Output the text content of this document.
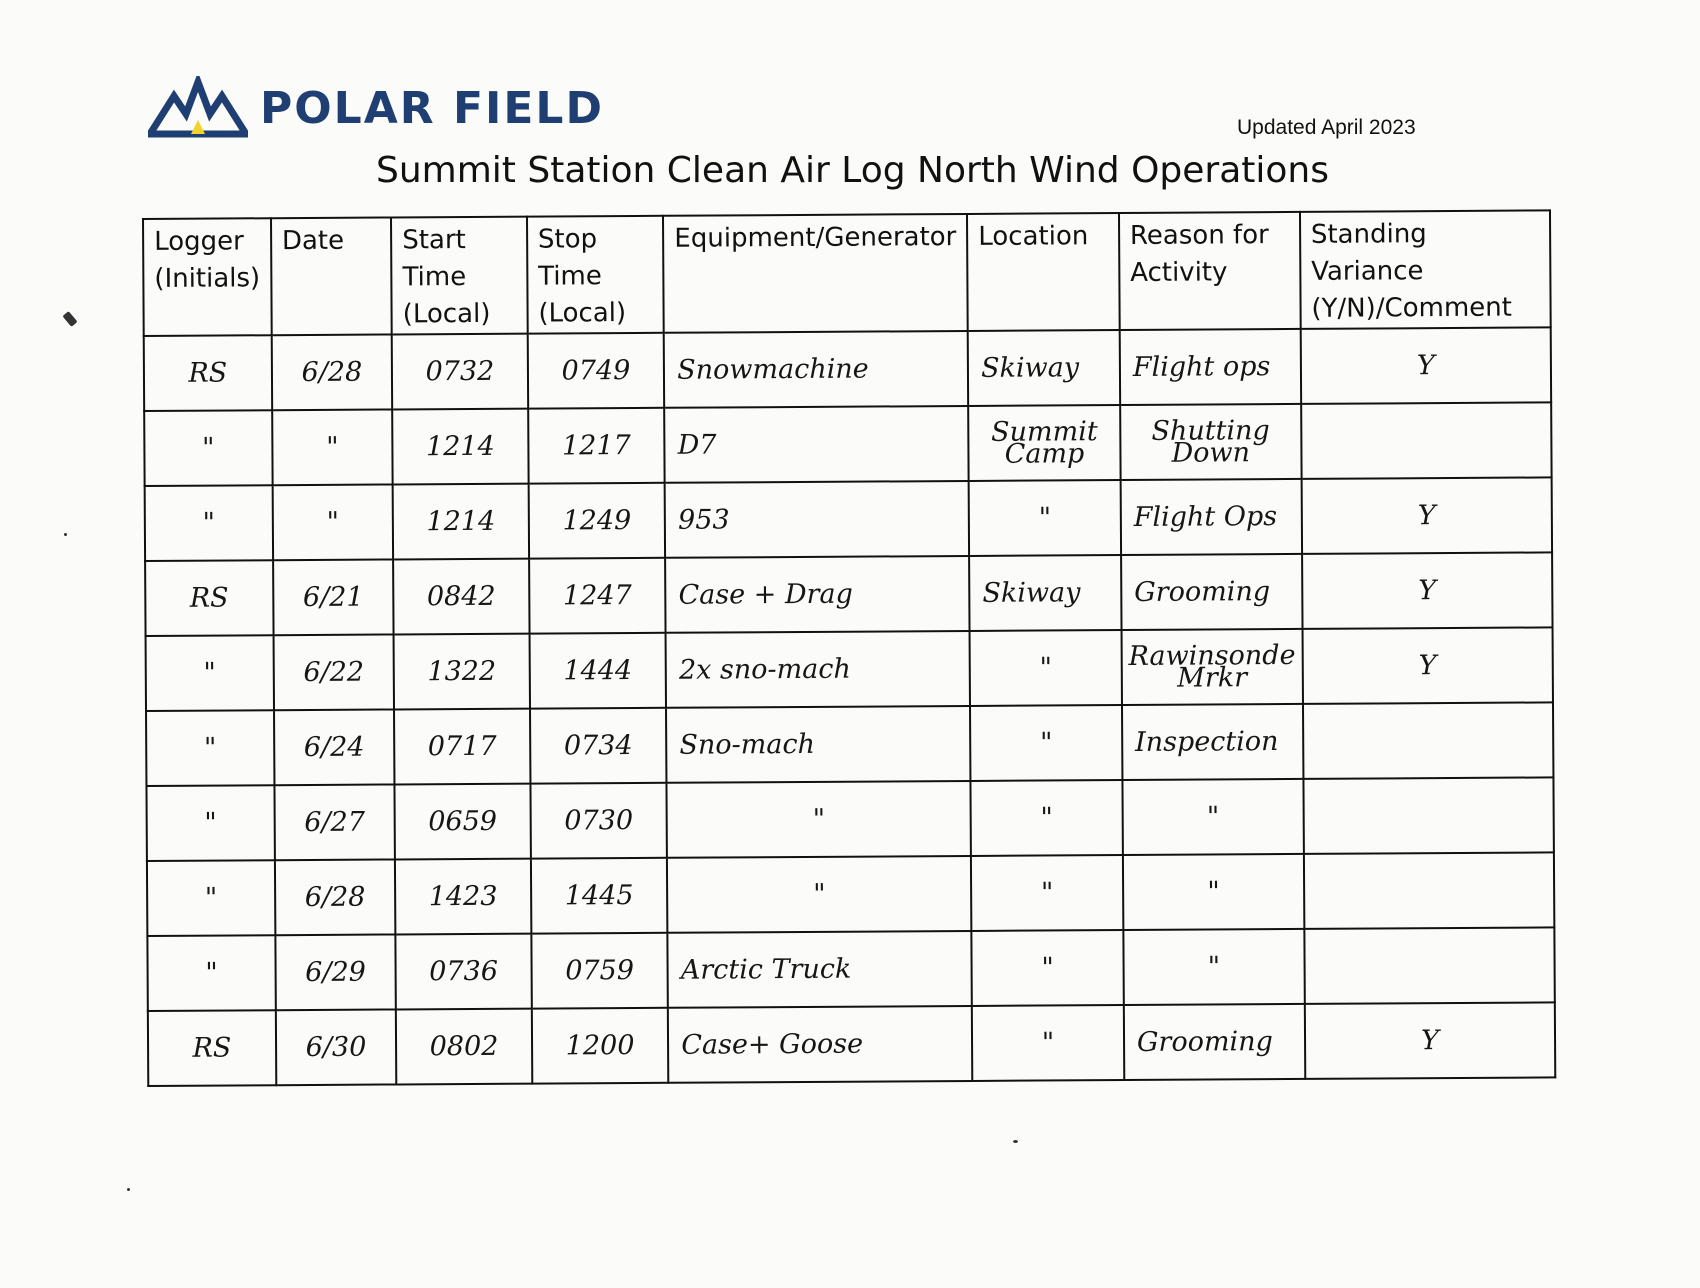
POLAR FIELD	Updated April 2023
Summit Station Clean Air Log North Wind Operations
Logger (Initials)	Date	Start Time (Local)	Stop Time (Local)	Equipment/Generator	Location	Reason for Activity	Standing Variance (Y/N)/Comment
RS	6/28	0732	0749	Snowmachine	Skiway	Flight ops	Y
"	"	1214	1217	D7	Summit Camp	Shutting Down	
"	"	1214	1249	953	"	Flight Ops	Y
RS	6/21	0842	1247	Case + Drag	Skiway	Grooming	Y
"	6/22	1322	1444	2x sno-mach	"	Rawinsonde Mrkr	Y
"	6/24	0717	0734	Sno-mach	"	Inspection	
"	6/27	0659	0730	"	"	"	
"	6/28	1423	1445	"	"	"	
"	6/29	0736	0759	Arctic Truck	"	"	
RS	6/30	0802	1200	Case+ Goose	"	Grooming	Y
